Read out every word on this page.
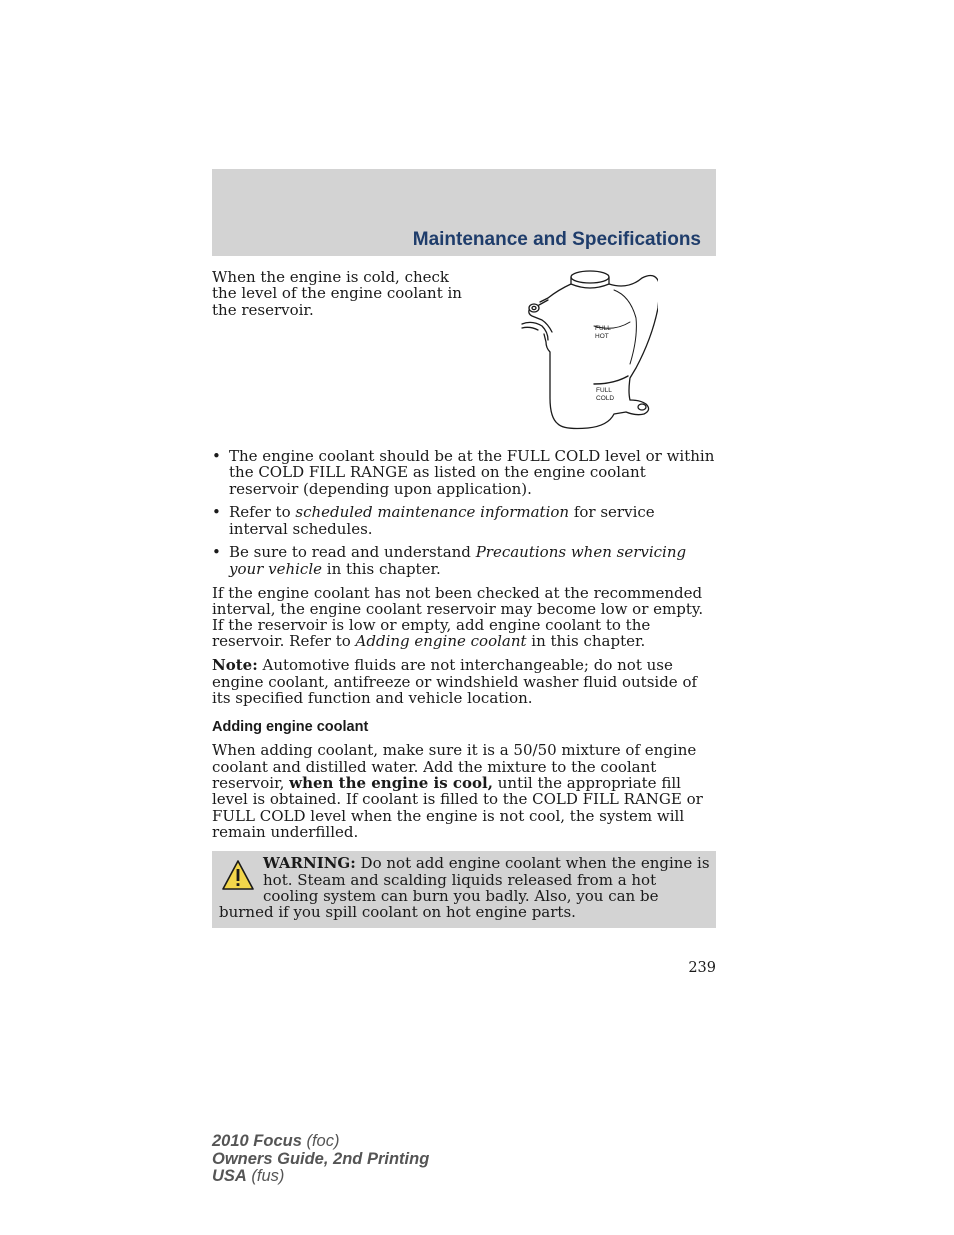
Maintenance and Specifications

When the engine is cold, check the level of the engine coolant in the reservoir.

FULL
HOT
FULL
COLD
• The engine coolant should be at the FULL COLD level or within the COLD FILL RANGE as listed on the engine coolant reservoir (depending upon application).
• Refer to scheduled maintenance information for service interval schedules.
• Be sure to read and understand Precautions when servicing your vehicle in this chapter.

If the engine coolant has not been checked at the recommended interval, the engine coolant reservoir may become low or empty. If the reservoir is low or empty, add engine coolant to the reservoir. Refer to Adding engine coolant in this chapter.

Note: Automotive fluids are not interchangeable; do not use engine coolant, antifreeze or windshield washer fluid outside of its specified function and vehicle location.

Adding engine coolant

When adding coolant, make sure it is a 50/50 mixture of engine coolant and distilled water. Add the mixture to the coolant reservoir, when the engine is cool, until the appropriate fill level is obtained. If coolant is filled to the COLD FILL RANGE or FULL COLD level when the engine is not cool, the system will remain underfilled.

WARNING: Do not add engine coolant when the engine is hot. Steam and scalding liquids released from a hot cooling system can burn you badly. Also, you can be burned if you spill coolant on hot engine parts.
239
2010 Focus (foc)
Owners Guide, 2nd Printing
USA (fus)
